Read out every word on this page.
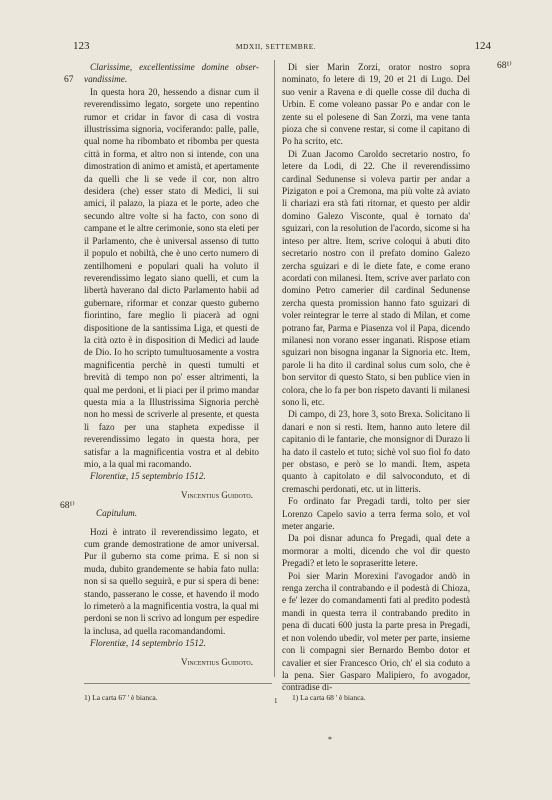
123	MDXII, SETTEMBRE.	124
67
68¹⁾
68¹⁾
Clarissime, excellentissime domine obser- vandissime.

In questa hora 20, hessendo a disnar cum il reverendissimo legato, sorgete uno repentino rumor et cridar in favor di casa di vostra illustrissima signoria, vociferando: palle, palle, qual nome ha ribombato et ribomba per questa città in forma, et altro non si intende, con una dimostration di animo et amistà, et apertamente da quelli che li se vede il cor, non altro desidera (che) esser stato di Medici, li sui amici, il palazo, la piaza et le porte, adeo che secundo altre volte si ha facto, con sono di campane et le altre cerimonie, sono sta eleti per il Parlamento, che è universal assenso di tutto il populo et nobiltà, che è uno certo numero di zentilhomeni e populari quali ha voluto il reverendissimo legato siano quelli, et cum la libertà haverano dal dicto Parlamento habii ad gubernare, riformar et conzar questo guberno fiorintino, fare meglio li piacerà ad ogni dispositione de la santissima Liga, et questi de la cità ozto è in disposition di Medici ad laude de Dio. Io ho scripto tumultuosamente a vostra magnificentia perchè in questi tumulti et brevità di tempo non po' esser altrimenti, la qual me perdoni, et li piaci per il primo mandar questa mia a la Illustrissima Signoria perchè non ho messi de scriverle al presente, et questa li fazo per una stapheta expedisse il reverendissimo legato in questa hora, per satisfar a la magnificentia vostra et al debito mio, a la qual mi racomando.

Florentiæ, 15 septembrio 1512.
Vincentius Guidoto.
Capitulum.

Hozi è intrato il reverendissimo legato, et cum grande demostratione de amor universal. Pur il guberno sta come prima. E si non si muda, dubito grandemente se habia fato nulla: non si sa quello seguirà, e pur si spera di bene: stando, passerano le cosse, et havendo il modo lo rimeterò a la magnificentia vostra, la qual mi perdoni se non li scrivo ad longum per espedire la inclusa, ad quella racomandandomi.

Florentiæ, 14 septembrio 1512.
Vincentius Guidoto.

Di sier Marin Zorzi, orator nostro sopra nominato, fo letere di 19, 20 et 21 di Lugo. Del suo venir a Ravena e di quelle cosse dil ducha di Urbin. E come voleano passar Po e andar con le zente su el polesene di San Zorzi, ma vene tanta pioza che si convene restar, si come il capitano di Po ha scrito, etc.

Di Zuan Jacomo Caroldo secretario nostro, fo letere da Lodi, di 22. Che il reverendissimo cardinal Sedunense si voleva partir per andar a Pizigaton e poi a Cremona, ma più volte zà aviato li chariazi era stà fati ritornar, et questo per aldir domino Galezo Visconte, qual è tornato da' sguizari, con la resolution de l'acordo, sicome si ha inteso per altre. Item, scrive coloqui à abuti dito secretario nostro con il prefato domino Galezo zercha sguizari e di le diete fate, e come erano acordati con milanesi. Item, scrive aver parlato con domino Petro camerier dil cardinal Sedunense zercha questa promission hanno fato sguizari di voler reintegrar le terre al stado di Milan, et come potrano far, Parma e Piasenza vol il Papa, dicendo milanesi non vorano esser inganati. Risposе etiam sguizari non bisogna inganar la Signoria etc. Item, parole li ha dito il cardinal solus cum solo, che è bon servitor di questo Stato, si ben publice vien in colora, che lo fa per bon rispeto davanti li milanesi sono lì, etc.

Di campo, di 23, hore 3, soto Brexa. Solicitano li danari e non si resti. Item, hanno auto letere dil capitanio di le fantarie, che monsignor di Durazo li ha dato il castelo et tuto; sichè vol suo fiol fo dato per obstaso, e però se lo mandi. Item, aspeta quanto à capitolato e dil salvoconduto, et di cremaschi perdonati, etc. ut in litteris.

Fo ordinato far Pregadi tardi, tolto per sier Lorenzo Capelo savio a terra ferma solo, et vol meter angarie.

Da poi disnar adunca fo Pregadi, qual dete a mormorar a molti, dicendo che vol dir questo Pregadi? et leto le sopraseritte letere.

Poi sier Marin Morexini l'avogador andò in renga zercha il contrabando e il podestà di Chioza, e fe' lezer do comandamenti fati al predito podestà mandi in questa terra il contrabando predito in pena di ducati 600 justa la parte presa in Pregadi, et non volendo ubedir, vol meter per parte, insieme con li compagni sier Bernardo Bembo dotor et cavalier et sier Francesco Orio, ch' el sia coduto a la pena. Sier Gasparo Malipiero, fo avogador, contradise di-

1) La carta 67 ' è bianca.	1) La carta 68 ' è bianca.
1
*
